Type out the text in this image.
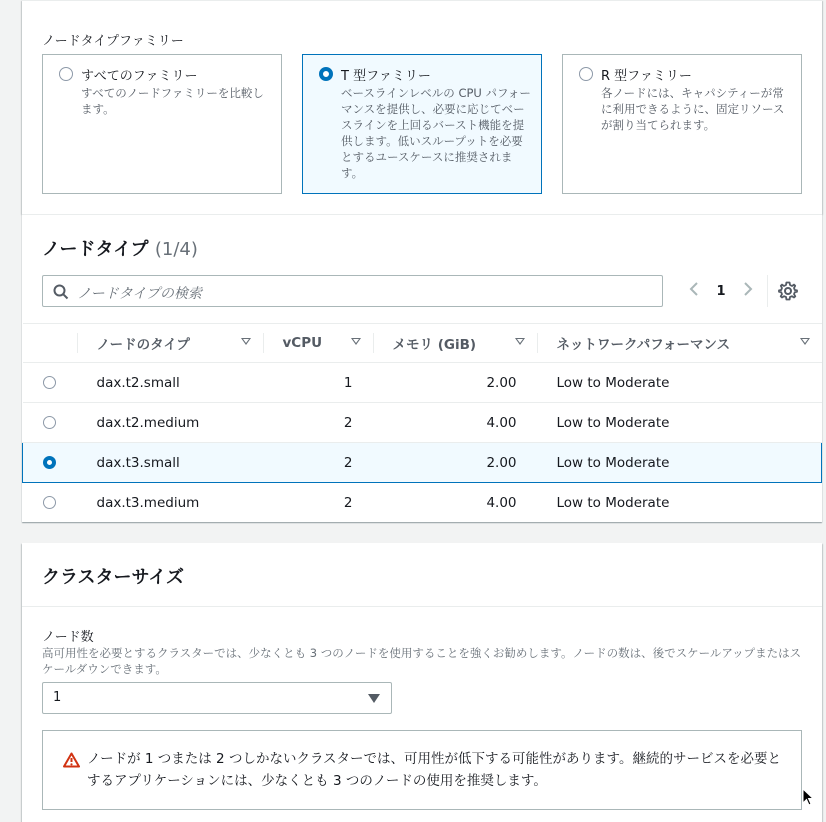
ノードタイプファミリー
すべてのファミリー
すべてのノードファミリーを比較します。
T 型ファミリー
ベースラインレベルの CPU パフォーマンスを提供し、必要に応じてベースラインを上回るバースト機能を提供します。低いスループットを必要とするユースケースに推奨されます。
R 型ファミリー
各ノードには、キャパシティーが常に利用できるように、固定リソースが割り当てられます。
ノードタイプ (1/4)
ノードタイプの検索	1
	ノードのタイプ	vCPU	メモリ (GiB)	ネットワークパフォーマンス

	dax.t2.small	1	2.00	Low to Moderate
	dax.t2.medium	2	4.00	Low to Moderate
	dax.t3.small	2	2.00	Low to Moderate
	dax.t3.medium	2	4.00	Low to Moderate
クラスターサイズ
ノード数
高可用性を必要とするクラスターでは、少なくとも 3 つのノードを使用することを強くお勧めします。ノードの数は、後でスケールアップまたはスケールダウンできます。
1
ノードが 1 つまたは 2 つしかないクラスターでは、可用性が低下する可能性があります。継続的サービスを必要とするアプリケーションには、少なくとも 3 つのノードの使用を推奨します。
